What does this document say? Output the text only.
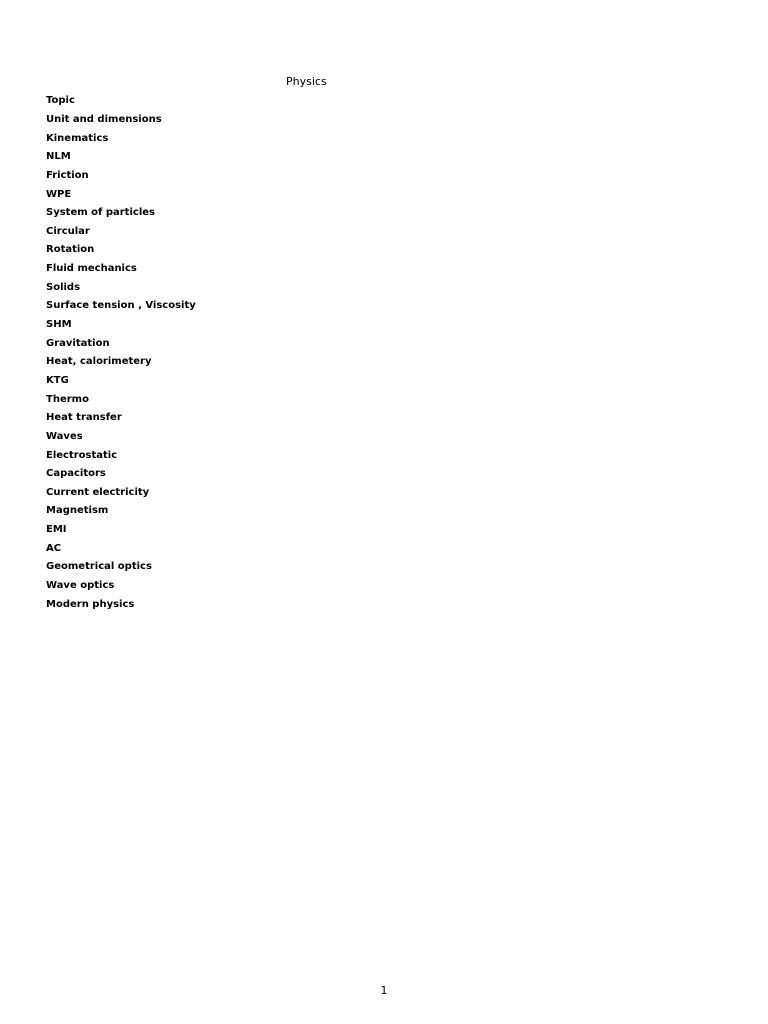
Physics
Topic
Unit and dimensions
Kinematics
NLM
Friction
WPE
System of particles
Circular
Rotation
Fluid mechanics
Solids
Surface tension , Viscosity
SHM
Gravitation
Heat, calorimetery
KTG
Thermo
Heat transfer
Waves
Electrostatic
Capacitors
Current electricity
Magnetism
EMI
AC
Geometrical optics
Wave optics
Modern physics
1
